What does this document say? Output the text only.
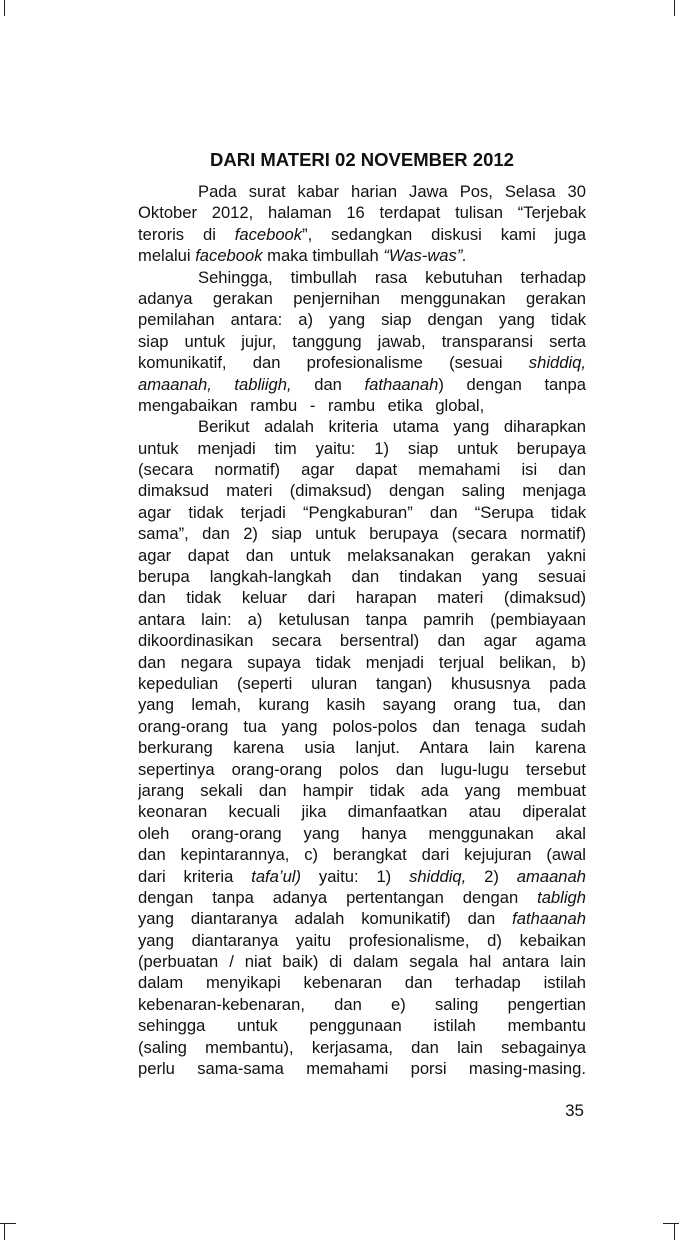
DARI MATERI 02 NOVEMBER 2012
Pada surat kabar harian Jawa Pos, Selasa 30
Oktober 2012, halaman 16 terdapat tulisan “Terjebak
teroris di facebook”, sedangkan diskusi kami juga
melalui facebook maka timbullah “Was-was”.
Sehingga, timbullah rasa kebutuhan terhadap
adanya gerakan penjernihan menggunakan gerakan
pemilahan antara: a) yang siap dengan yang tidak
siap untuk jujur, tanggung jawab, transparansi serta
komunikatif, dan profesionalisme (sesuai shiddiq,
amaanah, tabliigh, dan fathaanah) dengan tanpa
mengabaikan rambu - rambu etika global,
Berikut adalah kriteria utama yang diharapkan
untuk menjadi tim yaitu: 1) siap untuk berupaya
(secara normatif) agar dapat memahami isi dan
dimaksud materi (dimaksud) dengan saling menjaga
agar tidak terjadi “Pengkaburan” dan “Serupa tidak
sama”, dan 2) siap untuk berupaya (secara normatif)
agar dapat dan untuk melaksanakan gerakan yakni
berupa langkah-langkah dan tindakan yang sesuai
dan tidak keluar dari harapan materi (dimaksud)
antara lain: a) ketulusan tanpa pamrih (pembiayaan
dikoordinasikan secara bersentral) dan agar agama
dan negara supaya tidak menjadi terjual belikan, b)
kepedulian (seperti uluran tangan) khususnya pada
yang lemah, kurang kasih sayang orang tua, dan
orang-orang tua yang polos-polos dan tenaga sudah
berkurang karena usia lanjut. Antara lain karena
sepertinya orang-orang polos dan lugu-lugu tersebut
jarang sekali dan hampir tidak ada yang membuat
keonaran kecuali jika dimanfaatkan atau diperalat
oleh orang-orang yang hanya menggunakan akal
dan kepintarannya, c) berangkat dari kejujuran (awal
dari kriteria tafa’ul) yaitu: 1) shiddiq, 2) amaanah
dengan tanpa adanya pertentangan dengan tabligh
yang diantaranya adalah komunikatif) dan fathaanah
yang diantaranya yaitu profesionalisme, d) kebaikan
(perbuatan / niat baik) di dalam segala hal antara lain
dalam menyikapi kebenaran dan terhadap istilah
kebenaran-kebenaran, dan e) saling pengertian
sehingga untuk penggunaan istilah membantu
(saling membantu), kerjasama, dan lain sebagainya
perlu sama-sama memahami porsi masing-masing.
35
